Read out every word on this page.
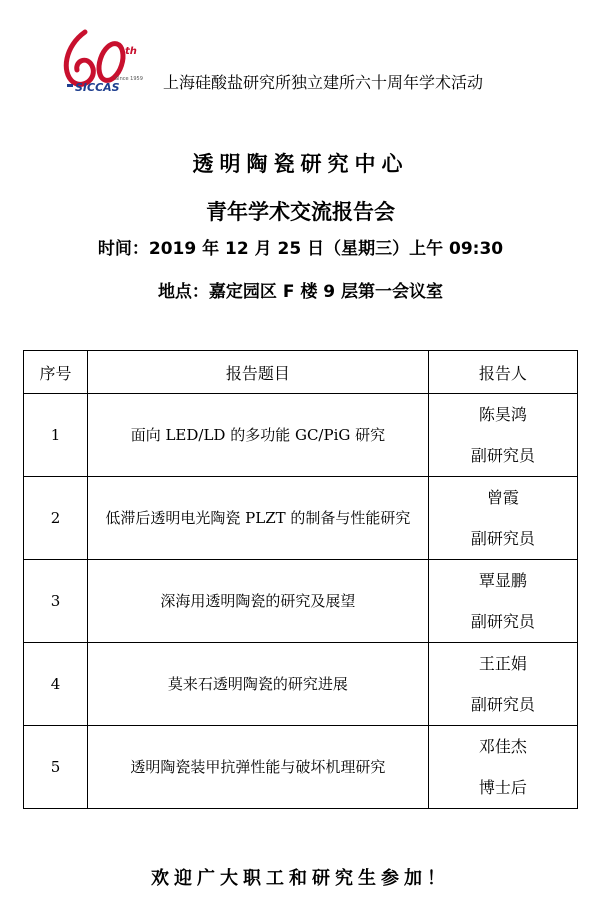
th
Since 1959
SICCAS	上海硅酸盐研究所独立建所六十周年学术活动
透明陶瓷研究中心
青年学术交流报告会
时间：2019 年 12 月 25 日（星期三）上午 09:30
地点：嘉定园区 F 楼 9 层第一会议室
序号	报告题目	报告人
1	面向 LED/LD 的多功能 GC/PiG 研究	陈昊鸿
副研究员

2	低滞后透明电光陶瓷 PLZT 的制备与性能研究	曾霞
副研究员

3	深海用透明陶瓷的研究及展望	覃显鹏
副研究员

4	莫来石透明陶瓷的研究进展	王正娟
副研究员

5	透明陶瓷装甲抗弹性能与破坏机理研究	邓佳杰
博士后
欢迎广大职工和研究生参加！
